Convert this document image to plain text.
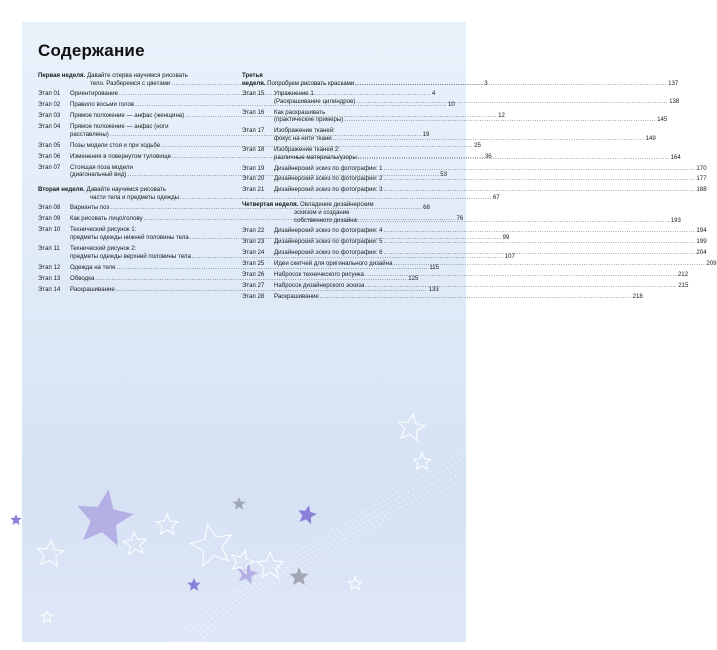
Содержание
Первая неделя.
Давайте сперва научимся рисовать
тело. Разберемся с цветами .....	3
Этап 01	Ориентирование .....	4
Этап 02	Правило восьми голов .....	10
Этап 03	Прямое положение — анфас (женщина) .....	12
Этап 04	Прямое положение — анфас (ноги
расставлены) .....	19
Этап 05	Позы модели стоя и при ходьбе .....	25
Этап 06	Изменения в повернутом туловище .....	36
Этап 07	Стоящая поза модели
(диагональный вид) .....	53
Вторая неделя.
Давайте научимся рисовать
части тела и предметы одежды .....	67
Этап 08	Варианты поз .....	68
Этап 09	Как рисовать лицо/голову .....	76
Этап 10	Технический рисунок 1:
предметы одежды нижней половины тела .....	99
Этап 11	Технический рисунок 2:
предметы одежды верхней половины тела .....	107
Этап 12	Одежда на теле .....	115
Этап 13	Обводка .....	125
Этап 14	Раскрашивание .....	133
Третья неделя.
Попробуем рисовать красками .....	137
Этап 15	Упражнение 1
(Раскрашивание цилиндров) .....	138
Этап 16	Как раскрашивать
(практические примеры) .....	145
Этап 17	Изображение тканей:
фокус на нити ткани .....	149
Этап 18	Изображение тканей 2:
различные материалы/узоры .....	164
Этап 19	Дизайнерский эскиз по фотографии: 1 .....	170
Этап 20	Дизайнерский эскиз по фотографии: 2 .....	177
Этап 21	Дизайнерский эскиз по фотографии: 3 .....	188
Четвертая неделя.
Овладение дизайнерским
эскизом и создание
собственного дизайна .....	193
Этап 22	Дизайнерский эскиз по фотографии: 4 .....	194
Этап 23	Дизайнерский эскиз по фотографии: 5 .....	199
Этап 24	Дизайнерский эскиз по фотографии: 6 .....	204
Этап 25	Идеи скетчей для оригинального дизайна .....	209
Этап 26	Набросок технического рисунка .....	212
Этап 27	Набросок дизайнерского эскиза .....	215
Этап 28	Раскрашивание .....	218
